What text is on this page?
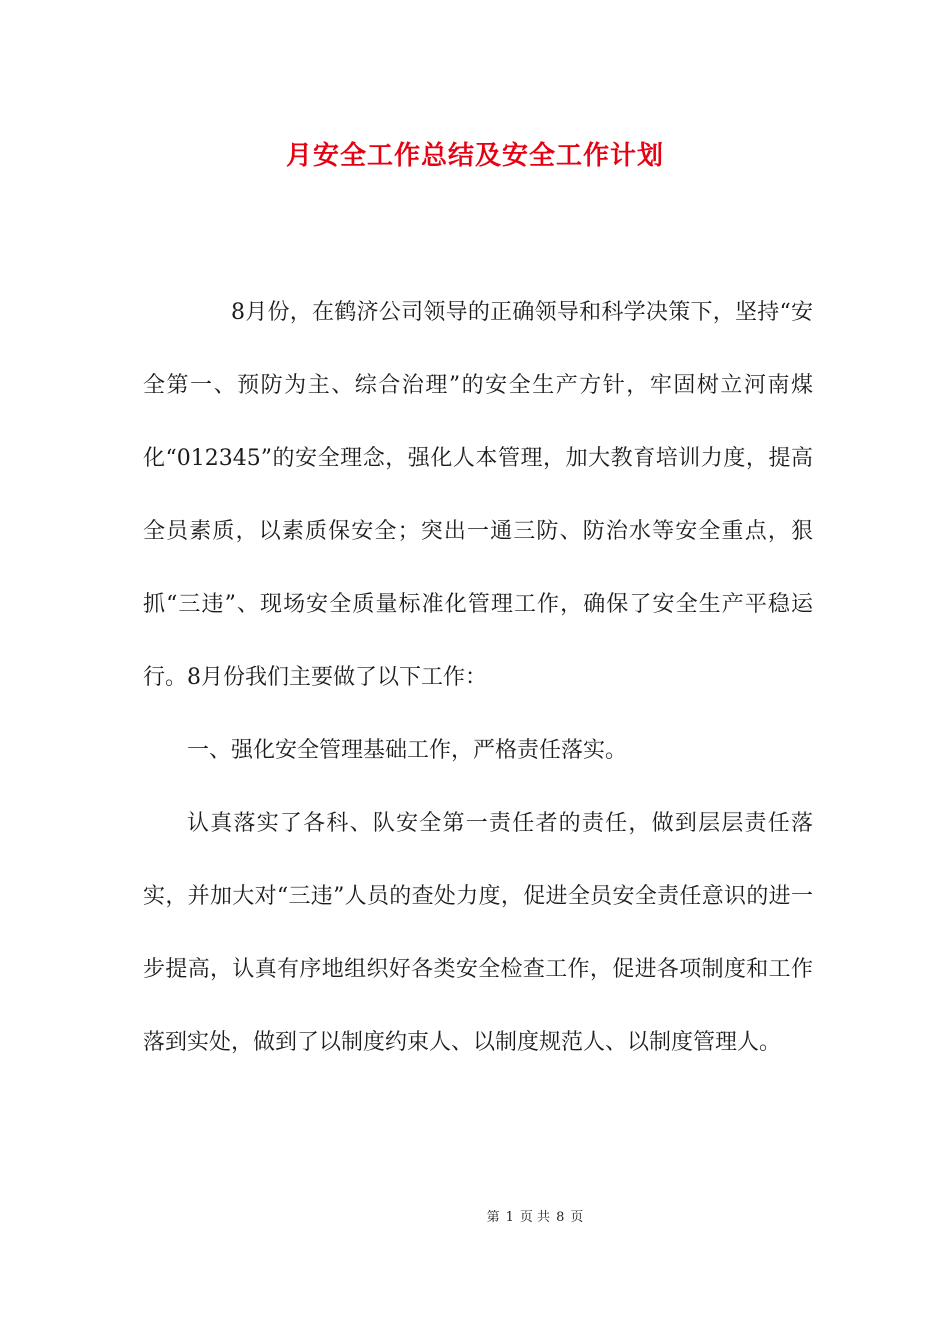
月安全工作总结及安全工作计划

8月份，在鹤济公司领导的正确领导和科学决策下，坚持“安全第一、预防为主、综合治理”的安全生产方针，牢固树立河南煤化“012345”的安全理念，强化人本管理，加大教育培训力度，提高全员素质，以素质保安全；突出一通三防、防治水等安全重点，狠抓“三违”、现场安全质量标准化管理工作，确保了安全生产平稳运行。8月份我们主要做了以下工作：

一、强化安全管理基础工作，严格责任落实。

认真落实了各科、队安全第一责任者的责任，做到层层责任落实，并加大对“三违”人员的查处力度，促进全员安全责任意识的进一步提高，认真有序地组织好各类安全检查工作，促进各项制度和工作落到实处，做到了以制度约束人、以制度规范人、以制度管理人。

第 1 页 共 8 页
